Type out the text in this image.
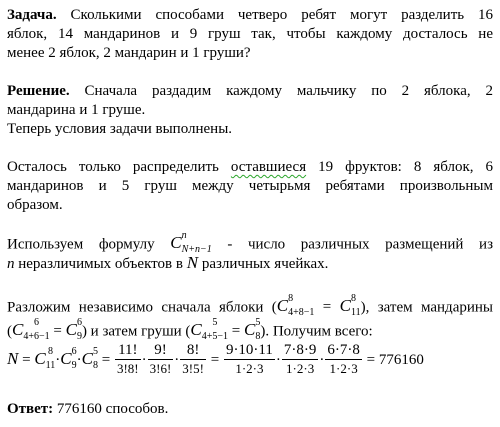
Задача. Сколькими способами четверо ребят могут разделить 16
яблок, 14 мандаринов и 9 груш так, чтобы каждому досталось не
менее 2 яблок, 2 мандарин и 1 груши?
Решение. Сначала раздадим каждому мальчику по 2 яблока, 2
мандарина и 1 груше.
Теперь условия задачи выполнены.
Осталось только распределить оставшиеся 19 фруктов: 8 яблок, 6
мандаринов и 5 груш между четырьмя ребятами произвольным
образом.
Используем формулу C n
N+n−1 - число различных размещений из
n неразличимых объектов в N различных ячейках.
Разложим независимо сначала яблоки (C 8
4+8−1 = C 8
11 ), затем мандарины
(C	6
4+6−1 = C 6
9 ) и затем груши (C	5
4+5−1 = C 5
8 ). Получим всего:
N = C 8
11 ·C 6
9 ·C 5
$8 = \frac{11!}{3!8!} \cdot \frac{9!}{3!6!} \cdot \frac{8!}{3!5!} = \frac{9\cdot 10\cdot 11}{1\cdot 2\cdot 3} \cdot \frac{7\cdot 8\cdot 9}{1\cdot 2\cdot 3} \cdot \frac{6\cdot 7\cdot 8}{1\cdot 2\cdot 3} = 776160$
Ответ: 776160 способов.
